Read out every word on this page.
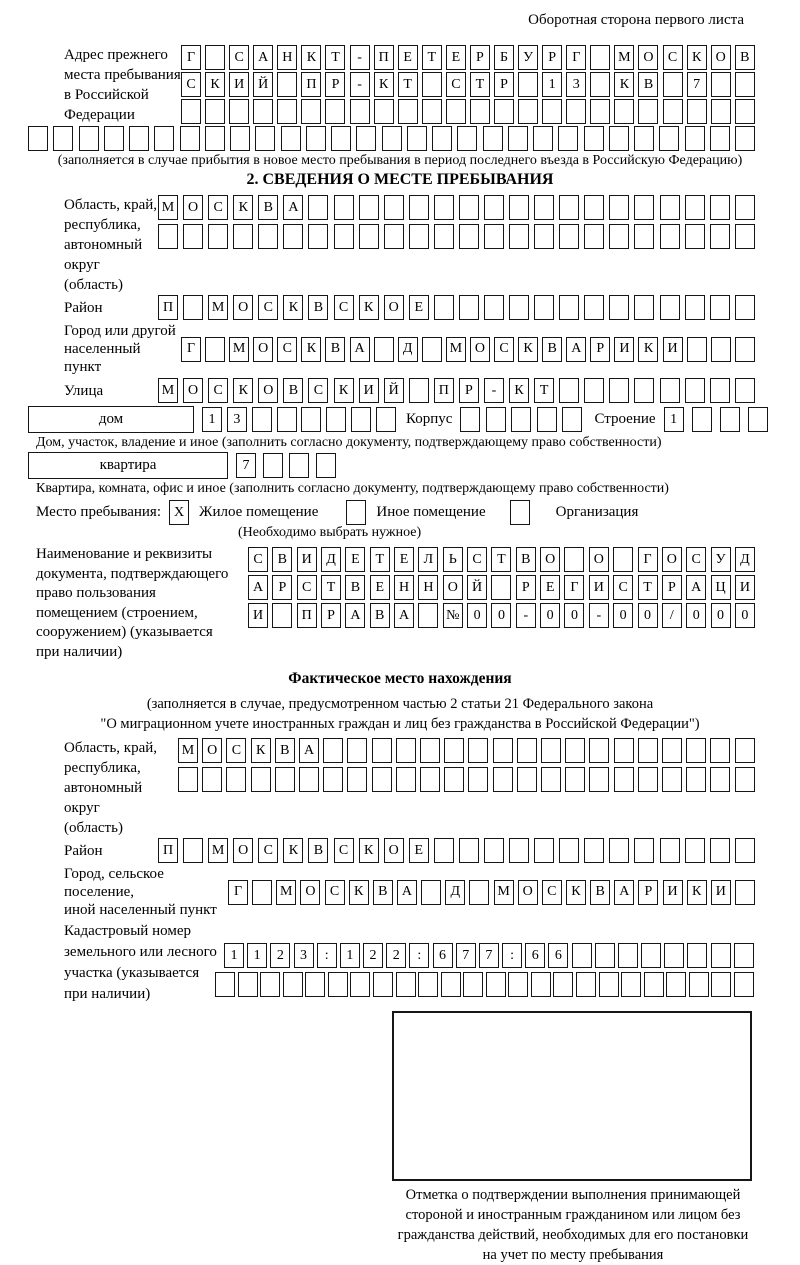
Оборотная сторона первого листа
Адрес прежнего
места пребывания
в Российской
Федерации
Г	С	А Н	К	Т	-	П	Е	Т	Е	Р	Б	У	Р	Г	М О	С	К	О	В
С	К	И Й	П	Р	-	К	Т	С	Т	Р	1	3	К	В	7
(заполняется в случае прибытия в новое место пребывания в период последнего въезда в Российскую Федерацию)
2. СВЕДЕНИЯ О МЕСТЕ ПРЕБЫВАНИЯ
Область, край,
республика,
автономный
округ (область)
М О	С	К	В	А
Район	П	М О	С	К	В	С	К	О	Е
Город или другой
населенный пункт
Г	М О	С	К	В	А	Д	М О	С	К	В	А	Р	И	К	И
Улица	М О	С	К	О	В	С	К	И	Й	П	Р	-	К	Т
дом	1	3	Корпус	Строение	1
Дом, участок, владение и иное (заполнить согласно документу, подтверждающему право собственности)
квартира	7
Квартира, комната, офис и иное (заполнить согласно документу, подтверждающему право собственности)
Место пребывания: X Жилое помещение	Иное помещение	Организация
(Необходимо выбрать нужное)
Наименование и реквизиты
документа, подтверждающего
право пользования
помещением (строением,
сооружением) (указывается
при наличии)
С	В	И	Д	Е	Т	Е	Л	Ь	С	Т	В	О	О	Г	О	С	У	Д
А	Р	С	Т	В	Е	Н	Н	О	Й	Р	Е	Г	И	С	Т	Р	А	Ц	И
И	П	Р	А	В	А	№	0	0	-	0	0	-	0	0	/	0	0	0
Фактическое место нахождения
(заполняется в случае, предусмотренном частью 2 статьи 21 Федерального закона
"О миграционном учете иностранных граждан и лиц без гражданства в Российской Федерации")
Область, край,
республика,
автономный округ
(область)
М О	С	К	В	А
Район	П	М О	С	К	В	С	К	О	Е
Город, сельское поселение,
иной населенный пункт
Г	М О	С	К	В	А	Д	М О	С	К	В	А	Р	И	К	И
Кадастровый номер
земельного или лесного
участка (указывается
при наличии)
1	1	2	3	:	1	2	2	:	6	7	7	:	6	6
Отметка о подтверждении выполнения принимающей
стороной и иностранным гражданином или лицом без
гражданства действий, необходимых для его постановки
на учет по месту пребывания
